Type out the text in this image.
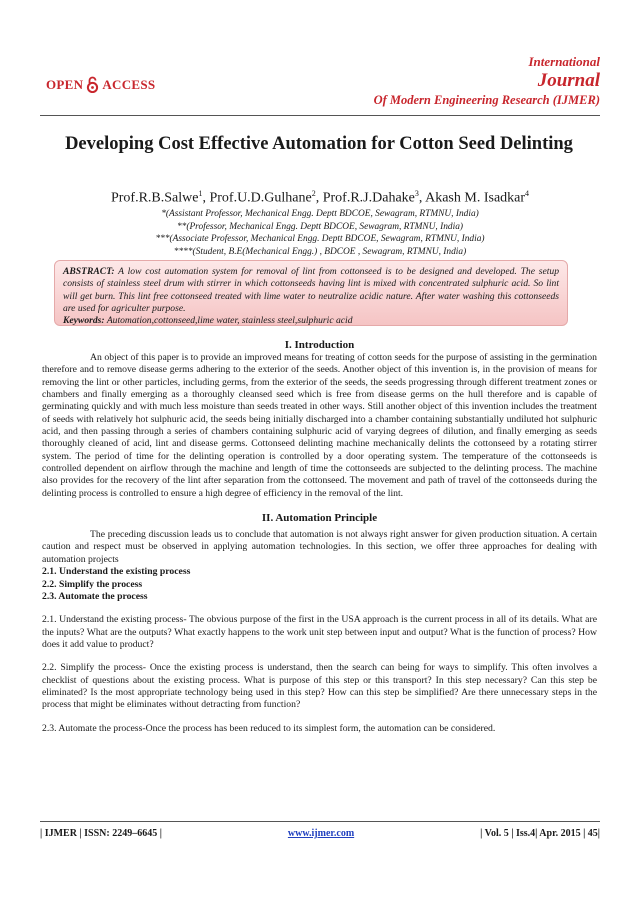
OPEN ACCESS
International
Journal
Of Modern Engineering Research (IJMER)
Developing Cost Effective Automation for Cotton Seed Delinting

Prof.R.B.Salwe$^1$, Prof.U.D.Gulhane$^2$, Prof.R.J.Dahake$^3$, Akash M. Isadkar$^4$

*(Assistant Professor, Mechanical Engg. Deptt BDCOE, Sewagram, RTMNU, India)
**(Professor, Mechanical Engg. Deptt BDCOE, Sewagram, RTMNU, India)
***(Associate Professor, Mechanical Engg. Deptt BDCOE, Sewagram, RTMNU, India)
****(Student, B.E(Mechanical Engg.) , BDCOE , Sewagram, RTMNU, India)
ABSTRACT: A low cost automation system for removal of lint from cottonseed is to be designed and developed. The setup consists of stainless steel drum with stirrer in which cottonseeds having lint is mixed with concentrated sulphuric acid. So lint will get burn. This lint free cottonseed treated with lime water to neutralize acidic nature. After water washing this cottonseeds are used for agriculter purpose.
Keywords: Automation,cottonseed,lime water, stainless steel,sulphuric acid
I. Introduction

An object of this paper is to provide an improved means for treating of cotton seeds for the purpose of assisting in the germination therefore and to remove disease germs adhering to the exterior of the seeds. Another object of this invention is, in the provision of means for removing the lint or other particles, including germs, from the exterior of the seeds, the seeds progressing through different treatment zones or chambers and finally emerging as a thoroughly cleansed seed which is free from disease germs on the hull therefore and is capable of germinating quickly and with much less moisture than seeds treated in other ways. Still another object of this invention includes the treatment of seeds with relatively hot sulphuric acid, the seeds being initially discharged into a chamber containing substantially undiluted hot sulphuric acid, and then passing through a series of chambers containing sulphuric acid of varying degrees of dilution, and finally emerging as seeds thoroughly cleaned of acid, lint and disease germs. Cottonseed delinting machine mechanically delints the cottonseed by a rotating stirrer system. The period of time for the delinting operation is controlled by a door operating system. The temperature of the cottonseeds is controlled dependent on airflow through the machine and length of time the cottonseeds are subjected to the delinting process. The machine also provides for the recovery of the lint after separation from the cottonseed. The movement and path of travel of the cottonseeds during the delinting process is controlled to ensure a high degree of efficiency in the removal of the lint.

II. Automation Principle

The preceding discussion leads us to conclude that automation is not always right answer for given production situation. A certain caution and respect must be observed in applying automation technologies. In this section, we offer three approaches for dealing with automation projects

2.1. Understand the existing process

2.2. Simplify the process

2.3. Automate the process

2.1. Understand the existing process- The obvious purpose of the first in the USA approach is the current process in all of its details. What are the inputs? What are the outputs? What exactly happens to the work unit step between input and output? What is the function of process? How does it add value to product?

2.2. Simplify the process- Once the existing process is understand, then the search can being for ways to simplify. This often involves a checklist of questions about the existing process. What is purpose of this step or this transport? In this step necessary? Can this step be eliminated? Is the most appropriate technology being used in this step? How can this step be simplified? Are there unnecessary steps in the process that might be eliminates without detracting from function?

2.3. Automate the process-Once the process has been reduced to its simplest form, the automation can be considered.

| IJMER | ISSN: 2249–6645 |	www.ijmer.com	| Vol. 5 | Iss.4| Apr. 2015 | 45|
